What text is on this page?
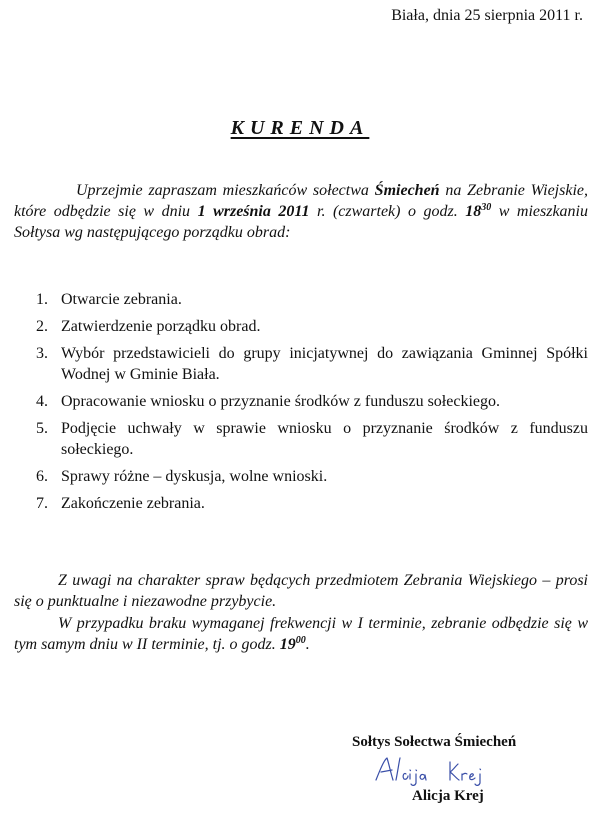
Biała, dnia 25 sierpnia 2011 r.
KURENDA

Uprzejmie zapraszam mieszkańców sołectwa Śmiecheń na Zebranie Wiejskie, które odbędzie się w dniu 1 września 2011 r. (czwartek) o godz. $18^{30}$ w mieszkaniu Sołtysa wg następującego porządku obrad:

1. Otwarcie zebrania.
2. Zatwierdzenie porządku obrad.
3. Wybór przedstawicieli do grupy inicjatywnej do zawiązania Gminnej Spółki Wodnej w Gminie Biała.
4. Opracowanie wniosku o przyznanie środków z funduszu sołeckiego.
5. Podjęcie uchwały w sprawie wniosku o przyznanie środków z funduszu sołeckiego.
6. Sprawy różne – dyskusja, wolne wnioski.
7. Zakończenie zebrania.

Z uwagi na charakter spraw będących przedmiotem Zebrania Wiejskiego – prosi się o punktualne i niezawodne przybycie.

W przypadku braku wymaganej frekwencji w I terminie, zebranie odbędzie się w tym samym dniu w II terminie, tj. o godz. $19^{00}$.

Sołtys Sołectwa Śmiecheń
Alicja Krej
